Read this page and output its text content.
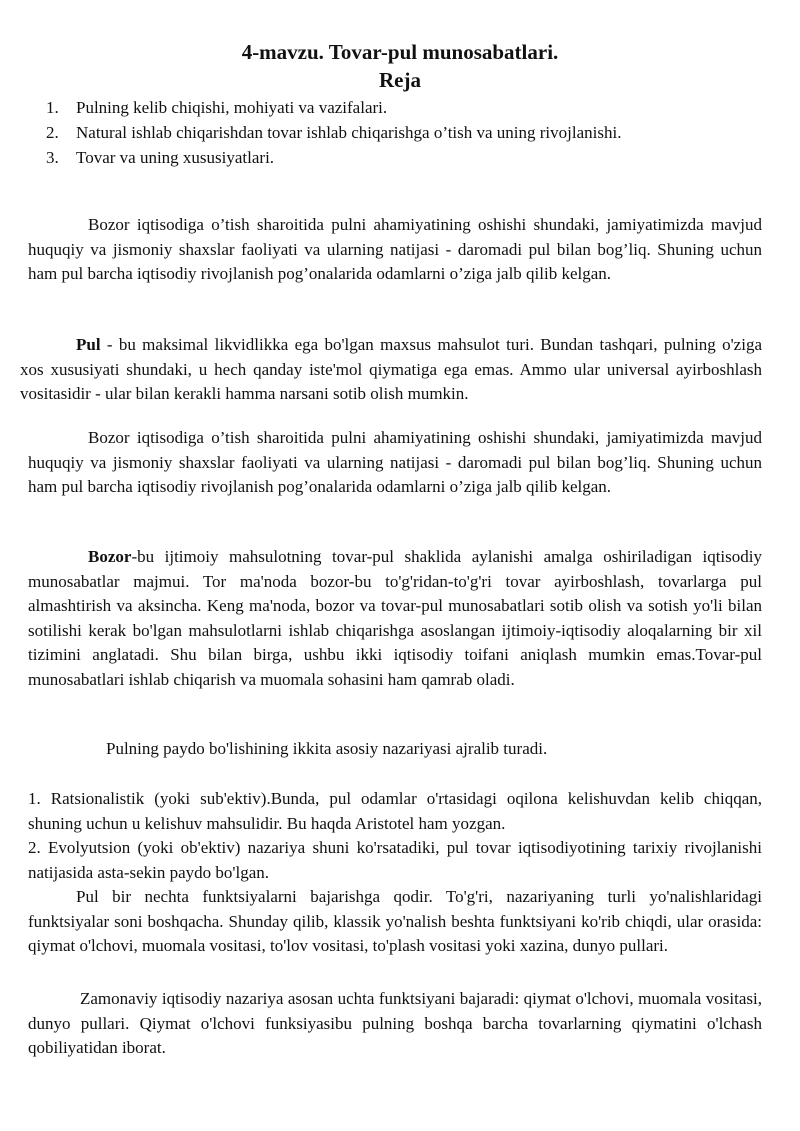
4-mavzu. Tovar-pul munosabatlari.
Reja
1.	Pulning kelib chiqishi, mohiyati va vazifalari.
2.	Natural ishlab chiqarishdan tovar ishlab chiqarishga o’tish va uning rivojlanishi.
3.	Tovar va uning xususiyatlari.

Bozor iqtisodiga o’tish sharoitida pulni ahamiyatining oshishi shundaki, jamiyatimizda mavjud huquqiy va jismoniy shaxslar faoliyati va ularning natijasi - daromadi pul bilan bog’liq. Shuning uchun ham pul barcha iqtisodiy rivojlanish pog’onalarida odamlarni o’ziga jalb qilib kelgan.

Pul - bu maksimal likvidlikka ega bo'lgan maxsus mahsulot turi. Bundan tashqari, pulning o'ziga xos xususiyati shundaki, u hech qanday iste'mol qiymatiga ega emas. Ammo ular universal ayirboshlash vositasidir - ular bilan kerakli hamma narsani sotib olish mumkin.

Bozor iqtisodiga o’tish sharoitida pulni ahamiyatining oshishi shundaki, jamiyatimizda mavjud huquqiy va jismoniy shaxslar faoliyati va ularning natijasi - daromadi pul bilan bog’liq. Shuning uchun ham pul barcha iqtisodiy rivojlanish pog’onalarida odamlarni o’ziga jalb qilib kelgan.

Bozor-bu ijtimoiy mahsulotning tovar-pul shaklida aylanishi amalga oshiriladigan iqtisodiy munosabatlar majmui. Tor ma'noda bozor-bu to'g'ridan-to'g'ri tovar ayirboshlash, tovarlarga pul almashtirish va aksincha. Keng ma'noda, bozor va tovar-pul munosabatlari sotib olish va sotish yo'li bilan sotilishi kerak bo'lgan mahsulotlarni ishlab chiqarishga asoslangan ijtimoiy-iqtisodiy aloqalarning bir xil tizimini anglatadi. Shu bilan birga, ushbu ikki iqtisodiy toifani aniqlash mumkin emas.Tovar-pul munosabatlari ishlab chiqarish va muomala sohasini ham qamrab oladi.

Pulning paydo bo'lishining ikkita asosiy nazariyasi ajralib turadi.

1. Ratsionalistik (yoki sub'ektiv).Bunda, pul odamlar o'rtasidagi oqilona kelishuvdan kelib chiqqan, shuning uchun u kelishuv mahsulidir. Bu haqda Aristotel ham yozgan.

2. Evolyutsion (yoki ob'ektiv) nazariya shuni ko'rsatadiki, pul tovar iqtisodiyotining tarixiy rivojlanishi natijasida asta-sekin paydo bo'lgan.

Pul bir nechta funktsiyalarni bajarishga qodir. To'g'ri, nazariyaning turli yo'nalishlaridagi funktsiyalar soni boshqacha. Shunday qilib, klassik yo'nalish beshta funktsiyani ko'rib chiqdi, ular orasida: qiymat o'lchovi, muomala vositasi, to'lov vositasi, to'plash vositasi yoki xazina, dunyo pullari.

Zamonaviy iqtisodiy nazariya asosan uchta funktsiyani bajaradi: qiymat o'lchovi, muomala vositasi, dunyo pullari. Qiymat o'lchovi funksiyasibu pulning boshqa barcha tovarlarning qiymatini o'lchash qobiliyatidan iborat.
